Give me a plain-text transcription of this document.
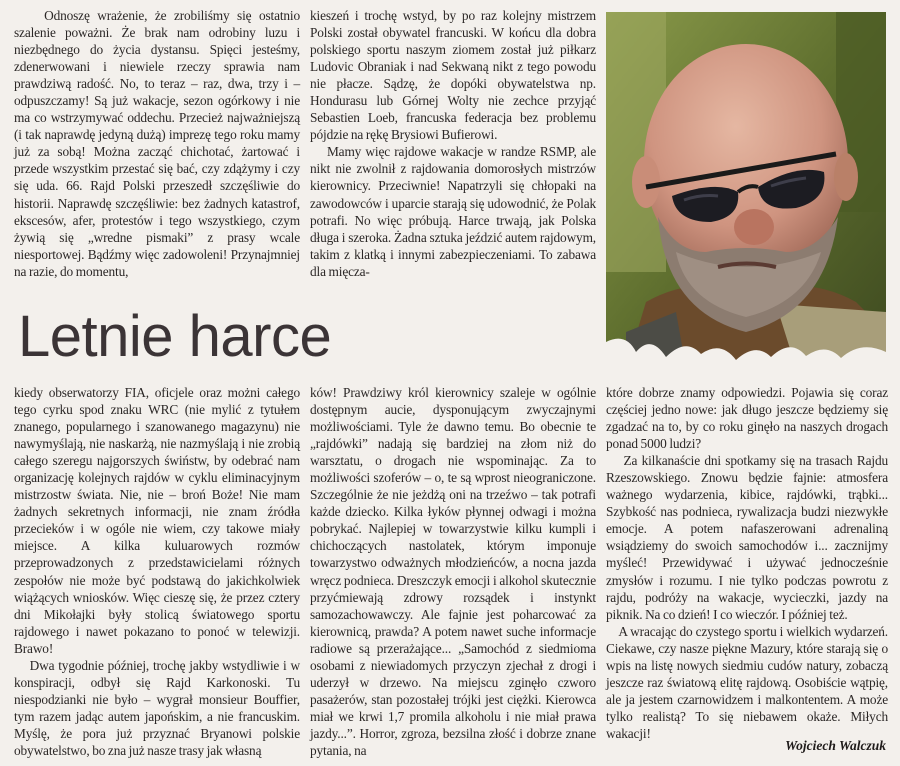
Odnoszę wrażenie, że zrobiliśmy się ostatnio szalenie poważni. Że brak nam odrobiny luzu i niezbędnego do życia dystansu. Spięci jesteśmy, zdenerwowani i niewiele rzeczy sprawia nam prawdziwą radość. No, to teraz – raz, dwa, trzy i – odpuszczamy! Są już wakacje, sezon ogórkowy i nie ma co wstrzymywać oddechu. Przecież najważniejszą (i tak naprawdę jedyną dużą) imprezę tego roku mamy już za sobą! Można zacząć chichotać, żartować i przede wszystkim przestać się bać, czy zdążymy i czy się uda. 66. Rajd Polski przeszedł szczęśliwie do historii. Naprawdę szczęśliwie: bez żadnych katastrof, ekscesów, afer, protestów i tego wszystkiego, czym żywią się „wredne pismaki” z prasy wcale niesportowej. Bądźmy więc zadowoleni! Przynajmniej na razie, do momentu,
kieszeń i trochę wstyd, by po raz kolejny mistrzem Polski został obywatel francuski. W końcu dla dobra polskiego sportu naszym ziomem został już piłkarz Ludovic Obraniak i nad Sekwaną nikt z tego powodu nie płacze. Sądzę, że dopóki obywatelstwa np. Hondurasu lub Górnej Wolty nie zechce przyjąć Sebastien Loeb, francuska federacja bez problemu pójdzie na rękę Brysiowi Bufierowi.
Mamy więc rajdowe wakacje w randze RSMP, ale nikt nie zwolnił z rajdowania domorosłych mistrzów kierownicy. Przeciwnie! Napatrzyli się chłopaki na zawodowców i uparcie starają się udowodnić, że Polak potrafi. No więc próbują. Harce trwają, jak Polska długa i szeroka. Żadna sztuka jeździć autem rajdowym, takim z klatką i innymi zabezpieczeniami. To zabawa dla mięcza-
Letnie harce
kiedy obserwatorzy FIA, oficjele oraz możni całego tego cyrku spod znaku WRC (nie mylić z tytułem znanego, popularnego i szanowanego magazynu) nie nawymyślają, nie naskarżą, nie nazmyślają i nie zrobią całego szeregu najgorszych świństw, by odebrać nam organizację kolejnych rajdów w cyklu eliminacyjnym mistrzostw świata. Nie, nie – broń Boże! Nie mam żadnych sekretnych informacji, nie znam źródła przecieków i w ogóle nie wiem, czy takowe miały miejsce. A kilka kuluarowych rozmów przeprowadzonych z przedstawicielami różnych zespołów nie może być podstawą do jakichkolwiek wiążących wniosków. Więc cieszę się, że przez cztery dni Mikołajki były stolicą światowego sportu rajdowego i nawet pokazano to ponoć w telewizji. Brawo!
Dwa tygodnie później, trochę jakby wstydliwie i w konspiracji, odbył się Rajd Karkonoski. Tu niespodzianki nie było – wygrał monsieur Bouffier, tym razem jadąc autem japońskim, a nie francuskim. Myślę, że pora już przyznać Bryanowi polskie obywatelstwo, bo zna już nasze trasy jak własną
ków! Prawdziwy król kierownicy szaleje w ogólnie dostępnym aucie, dysponującym zwyczajnymi możliwościami. Tyle że dawno temu. Bo obecnie te „rajdówki” nadają się bardziej na złom niż do warsztatu, o drogach nie wspominając. Za to możliwości szoferów – o, te są wprost nieograniczone. Szczególnie że nie jeżdżą oni na trzeźwo – tak potrafi każde dziecko. Kilka łyków płynnej odwagi i można pobrykać. Najlepiej w towarzystwie kilku kumpli i chichoczących nastolatek, którym imponuje towarzystwo odważnych młodzieńców, a nocna jazda wręcz podnieca. Dreszczyk emocji i alkohol skutecznie przyćmiewają zdrowy rozsądek i instynkt samozachowawczy. Ale fajnie jest poharcować za kierownicą, prawda? A potem nawet suche informacje radiowe są przerażające... „Samochód z siedmioma osobami z niewiadomych przyczyn zjechał z drogi i uderzył w drzewo. Na miejscu zginęło czworo pasażerów, stan pozostałej trójki jest ciężki. Kierowca miał we krwi 1,7 promila alkoholu i nie miał prawa jazdy...”. Horror, zgroza, bezsilna złość i dobrze znane pytania, na
które dobrze znamy odpowiedzi. Pojawia się coraz częściej jedno nowe: jak długo jeszcze będziemy się zgadzać na to, by co roku ginęło na naszych drogach ponad 5000 ludzi?
Za kilkanaście dni spotkamy się na trasach Rajdu Rzeszowskiego. Znowu będzie fajnie: atmosfera ważnego wydarzenia, kibice, rajdówki, trąbki... Szybkość nas podnieca, rywalizacja budzi niezwykłe emocje. A potem nafaszerowani adrenaliną wsiądziemy do swoich samochodów i... zacznijmy myśleć! Przewidywać i używać jednocześnie zmysłów i rozumu. I nie tylko podczas powrotu z rajdu, podróży na wakacje, wycieczki, jazdy na piknik. Na co dzień! I co wieczór. I później też.
A wracając do czystego sportu i wielkich wydarzeń. Ciekawe, czy nasze piękne Mazury, które starają się o wpis na listę nowych siedmiu cudów natury, zobaczą jeszcze raz światową elitę rajdową. Osobiście wątpię, ale ja jestem czarnowidzem i malkontentem. A może tylko realistą? To się niebawem okaże. Miłych wakacji!
Wojciech Walczuk
